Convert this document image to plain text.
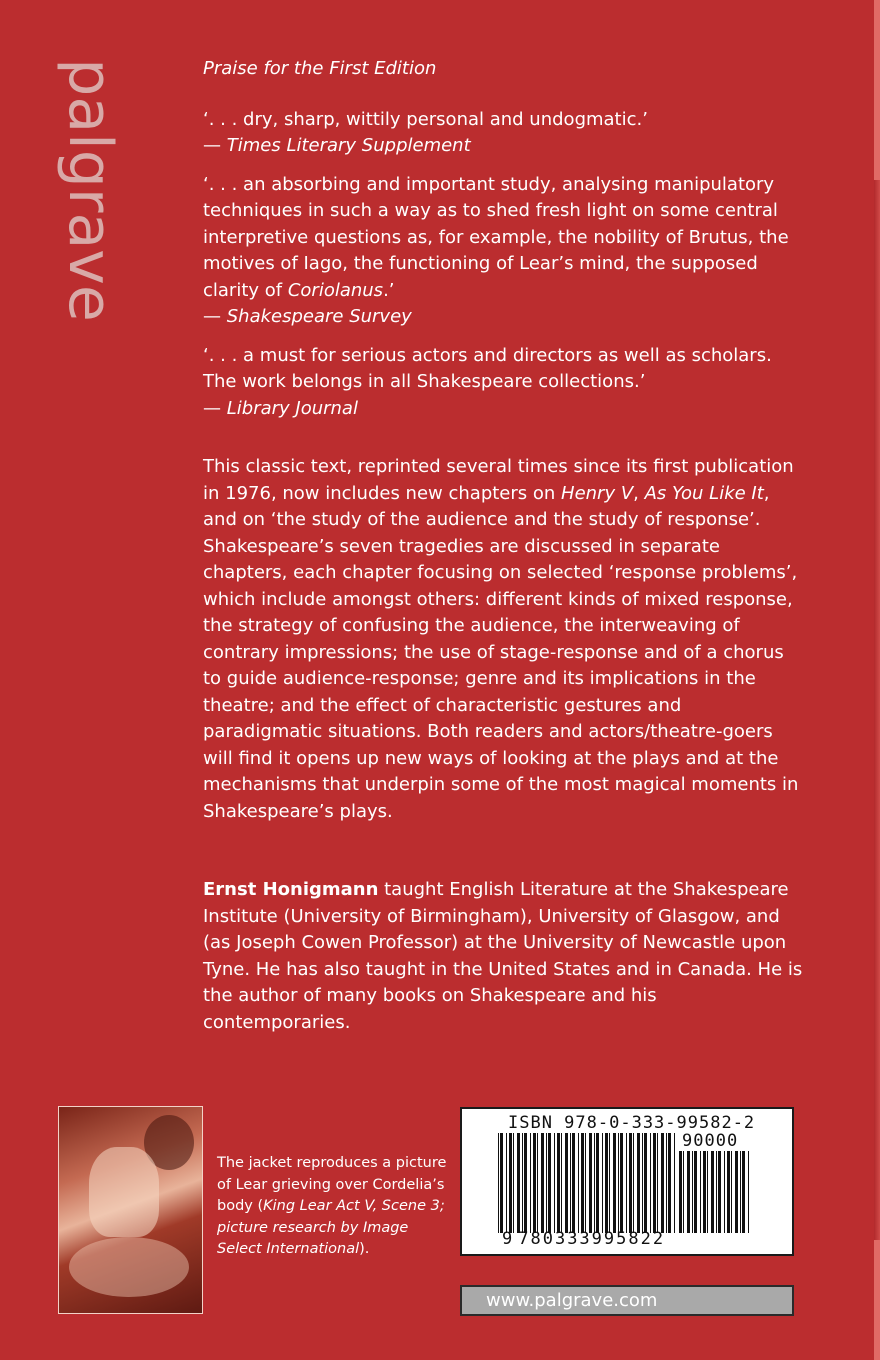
palgrave	Praise for the First Edition

‘. . . dry, sharp, wittily personal and undogmatic.’
— Times Literary Supplement

‘. . . an absorbing and important study, analysing manipulatory techniques in such a way as to shed fresh light on some central interpretive questions as, for example, the nobility of Brutus, the motives of Iago, the functioning of Lear’s mind, the supposed clarity of Coriolanus.’
— Shakespeare Survey

‘. . . a must for serious actors and directors as well as scholars. The work belongs in all Shakespeare collections.’
— Library Journal

This classic text, reprinted several times since its first publication in 1976, now includes new chapters on Henry V, As You Like It, and on ‘the study of the audience and the study of response’. Shakespeare’s seven tragedies are discussed in separate chapters, each chapter focusing on selected ‘response problems’, which include amongst others: different kinds of mixed response, the strategy of confusing the audience, the interweaving of contrary impressions; the use of stage-response and of a chorus to guide audience-response; genre and its implications in the theatre; and the effect of characteristic gestures and paradigmatic situations. Both readers and actors/theatre-goers will find it opens up new ways of looking at the plays and at the mechanisms that underpin some of the most magical moments in Shakespeare’s plays.

Ernst Honigmann taught English Literature at the Shakespeare Institute (University of Birmingham), University of Glasgow, and (as Joseph Cowen Professor) at the University of Newcastle upon Tyne. He has also taught in the United States and in Canada. He is the author of many books on Shakespeare and his contemporaries.

The jacket reproduces a picture of Lear grieving over Cordelia’s body (King Lear Act V, Scene 3; picture research by Image Select International).
ISBN 978-0-333-99582-2
90000
9 780333995822
www.palgrave.com
